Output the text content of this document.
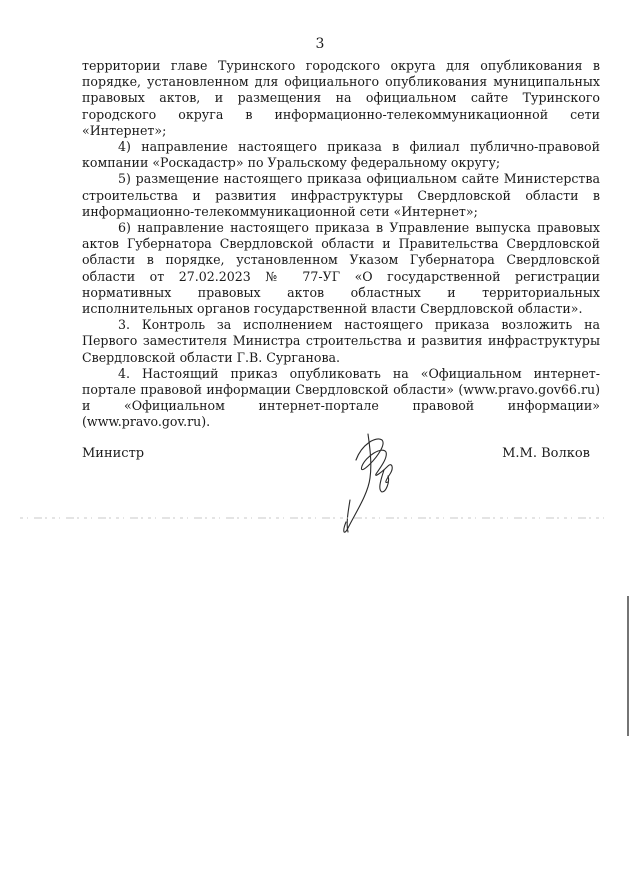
3

территории главе Туринского городского округа для опубликования в порядке, установленном для официального опубликования муниципальных правовых актов, и размещения на официальном сайте Туринского городского округа в информационно-телекоммуникационной сети «Интернет»;

4) направление настоящего приказа в филиал публично-правовой компании «Роскадастр» по Уральскому федеральному округу;

5) размещение настоящего приказа официальном сайте Министерства строительства и развития инфраструктуры Свердловской области в информационно-телекоммуникационной сети «Интернет»;

6) направление настоящего приказа в Управление выпуска правовых актов Губернатора Свердловской области и Правительства Свердловской области в порядке, установленном Указом Губернатора Свердловской области от 27.02.2023 № 77-УГ «О государственной регистрации нормативных правовых актов областных и территориальных исполнительных органов государственной власти Свердловской области».

3. Контроль за исполнением настоящего приказа возложить на Первого заместителя Министра строительства и развития инфраструктуры Свердловской области Г.В. Сурганова.

4. Настоящий приказ опубликовать на «Официальном интернет-портале правовой информации Свердловской области» (www.pravo.gov66.ru) и «Официальном интернет-портале правовой информации» (www.pravo.gov.ru).

Министр	М.М. Волков
